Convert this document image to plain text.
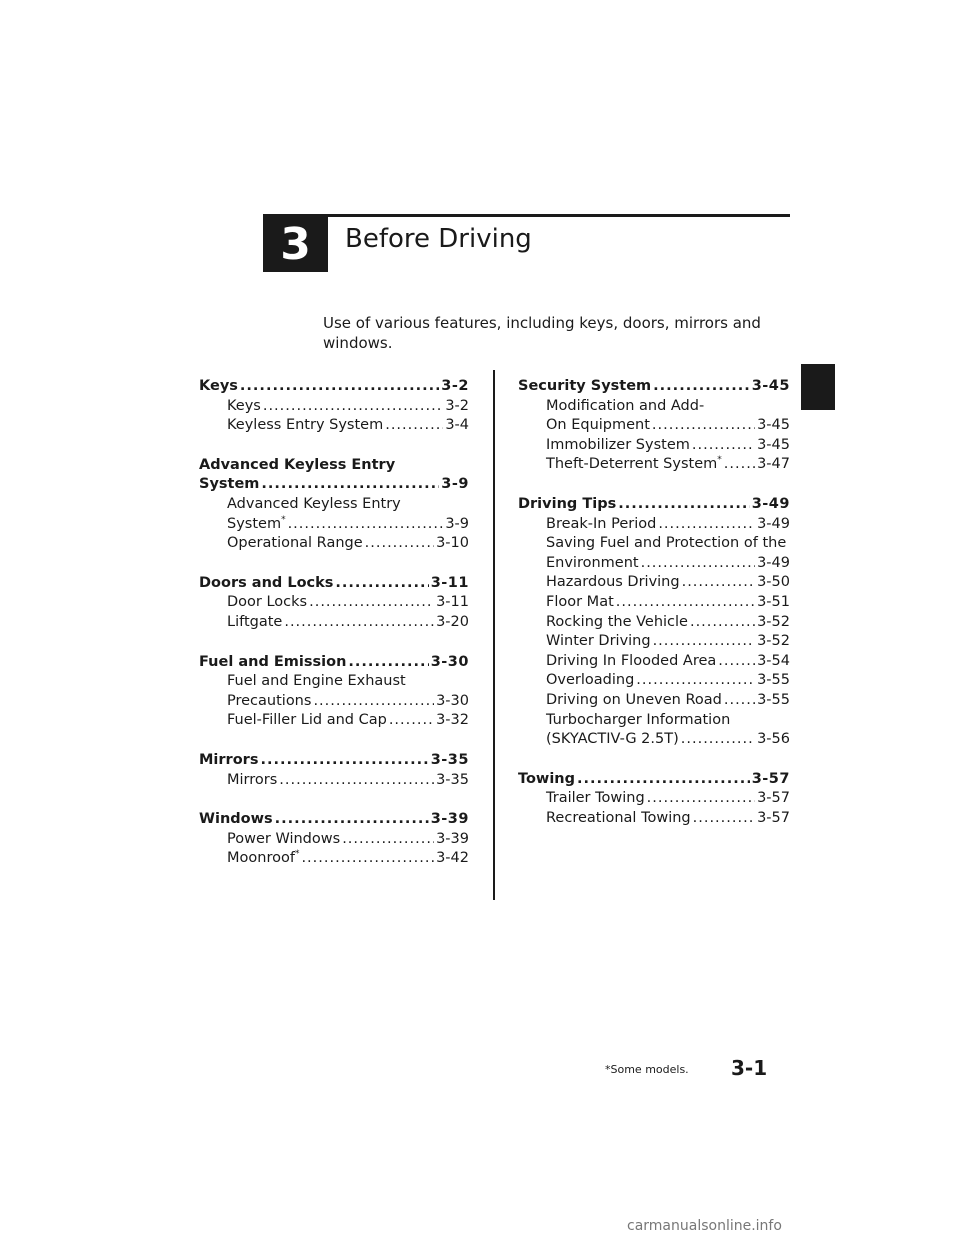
3 Before Driving
Use of various features, including keys, doors, mirrors and windows.
Keys .....	3-2
Keys .....	3-2
Keyless Entry System .....	3-4
Advanced Keyless Entry
System .....	3-9
Advanced Keyless Entry
System* .....	3-9
Operational Range .....	3-10
Doors and Locks .....	3-11
Door Locks .....	3-11
Liftgate .....	3-20
Fuel and Emission .....	3-30
Fuel and Engine Exhaust
Precautions .....	3-30
Fuel-Filler Lid and Cap .....	3-32
Mirrors .....	3-35
Mirrors .....	3-35
Windows .....	3-39
Power Windows .....	3-39
Moonroof* .....	3-42
Security System .....	3-45
Modification and Add-
On Equipment .....	3-45
Immobilizer System .....	3-45
Theft-Deterrent System* ..... 3-47
Driving Tips .....	3-49
Break-In Period .....	3-49
Saving Fuel and Protection of the
Environment .....	3-49
Hazardous Driving .....	3-50
Floor Mat .....	3-51
Rocking the Vehicle .....	3-52
Winter Driving .....	3-52
Driving In Flooded Area .....	3-54
Overloading .....	3-55
Driving on Uneven Road ..... 3-55
Turbocharger Information
(SKYACTIV-G 2.5T) .....	3-56
Towing .....	3-57
Trailer Towing .....	3-57
Recreational Towing .....	3-57
*Some models. 3-1
carmanualsonline.info
